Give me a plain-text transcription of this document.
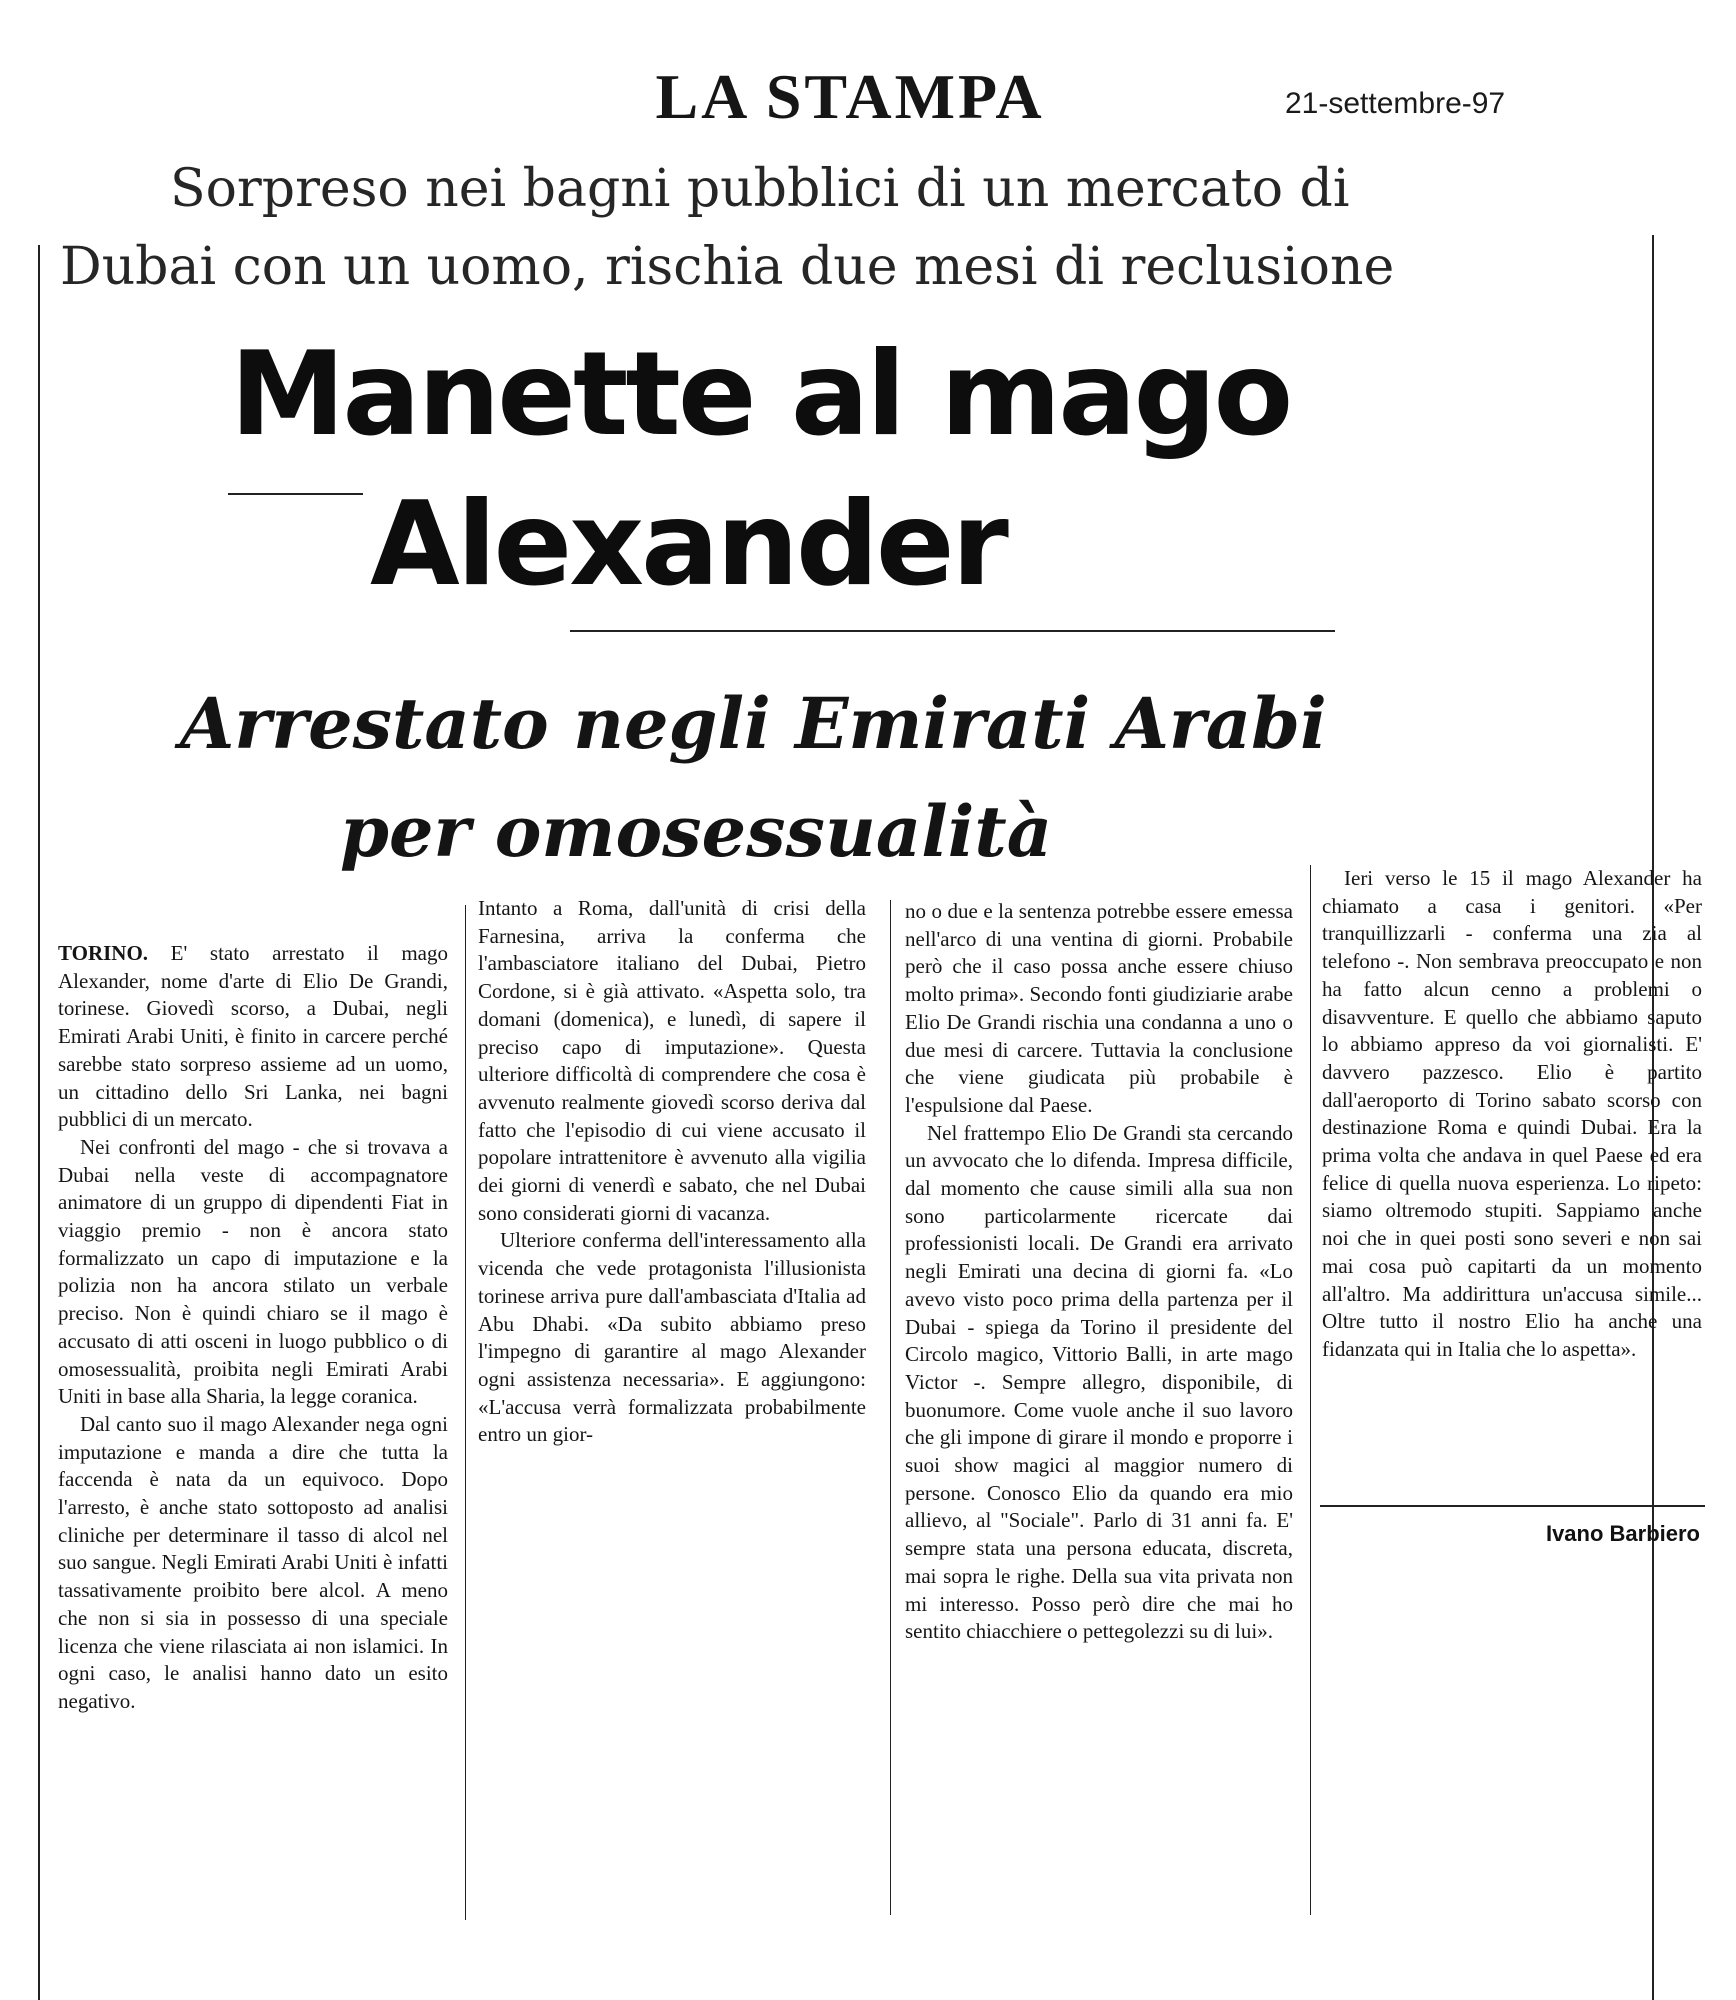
LA STAMPA	21-settembre-97
Sorpreso nei bagni pubblici di un mercato di
Dubai con un uomo, rischia due mesi di reclusione
Manette al mago
Alexander
Arrestato negli Emirati Arabi
per omosessualità

TORINO. E' stato arrestato il mago Alexander, nome d'arte di Elio De Grandi, torinese. Giovedì scorso, a Dubai, negli Emirati Arabi Uniti, è finito in carcere perché sarebbe stato sorpreso assieme ad un uomo, un cittadino dello Sri Lanka, nei bagni pubblici di un mercato.

Nei confronti del mago - che si trovava a Dubai nella veste di accompagnatore animatore di un gruppo di dipendenti Fiat in viaggio premio - non è ancora stato formalizzato un capo di imputazione e la polizia non ha ancora stilato un verbale preciso. Non è quindi chiaro se il mago è accusato di atti osceni in luogo pubblico o di omosessualità, proibita negli Emirati Arabi Uniti in base alla Sharia, la legge coranica.

Dal canto suo il mago Alexander nega ogni imputazione e manda a dire che tutta la faccenda è nata da un equivoco. Dopo l'arresto, è anche stato sottoposto ad analisi cliniche per determinare il tasso di alcol nel suo sangue. Negli Emirati Arabi Uniti è infatti tassativamente proibito bere alcol. A meno che non si sia in possesso di una speciale licenza che viene rilasciata ai non islamici. In ogni caso, le analisi hanno dato un esito negativo.

Intanto a Roma, dall'unità di crisi della Farnesina, arriva la conferma che l'ambasciatore italiano del Dubai, Pietro Cordone, si è già attivato. «Aspetta solo, tra domani (domenica), e lunedì, di sapere il preciso capo di imputazione». Questa ulteriore difficoltà di comprendere che cosa è avvenuto realmente giovedì scorso deriva dal fatto che l'episodio di cui viene accusato il popolare intrattenitore è avvenuto alla vigilia dei giorni di venerdì e sabato, che nel Dubai sono considerati giorni di vacanza.

Ulteriore conferma dell'interessamento alla vicenda che vede protagonista l'illusionista torinese arriva pure dall'ambasciata d'Italia ad Abu Dhabi. «Da subito abbiamo preso l'impegno di garantire al mago Alexander ogni assistenza necessaria». E aggiungono: «L'accusa verrà formalizzata probabilmente entro un gior-

no o due e la sentenza potrebbe essere emessa nell'arco di una ventina di giorni. Probabile però che il caso possa anche essere chiuso molto prima». Secondo fonti giudiziarie arabe Elio De Grandi rischia una condanna a uno o due mesi di carcere. Tuttavia la conclusione che viene giudicata più probabile è l'espulsione dal Paese.

Nel frattempo Elio De Grandi sta cercando un avvocato che lo difenda. Impresa difficile, dal momento che cause simili alla sua non sono particolarmente ricercate dai professionisti locali. De Grandi era arrivato negli Emirati una decina di giorni fa. «Lo avevo visto poco prima della partenza per il Dubai - spiega da Torino il presidente del Circolo magico, Vittorio Balli, in arte mago Victor -. Sempre allegro, disponibile, di buonumore. Come vuole anche il suo lavoro che gli impone di girare il mondo e proporre i suoi show magici al maggior numero di persone. Conosco Elio da quando era mio allievo, al "Sociale". Parlo di 31 anni fa. E' sempre stata una persona educata, discreta, mai sopra le righe. Della sua vita privata non mi interesso. Posso però dire che mai ho sentito chiacchiere o pettegolezzi su di lui».

Ieri verso le 15 il mago Alexander ha chiamato a casa i genitori. «Per tranquillizzarli - conferma una zia al telefono -. Non sembrava preoccupato e non ha fatto alcun cenno a problemi o disavventure. E quello che abbiamo saputo lo abbiamo appreso da voi giornalisti. E' davvero pazzesco. Elio è partito dall'aeroporto di Torino sabato scorso con destinazione Roma e quindi Dubai. Era la prima volta che andava in quel Paese ed era felice di quella nuova esperienza. Lo ripeto: siamo oltremodo stupiti. Sappiamo anche noi che in quei posti sono severi e non sai mai cosa può capitarti da un momento all'altro. Ma addirittura un'accusa simile... Oltre tutto il nostro Elio ha anche una fidanzata qui in Italia che lo aspetta».

Ivano Barbiero
